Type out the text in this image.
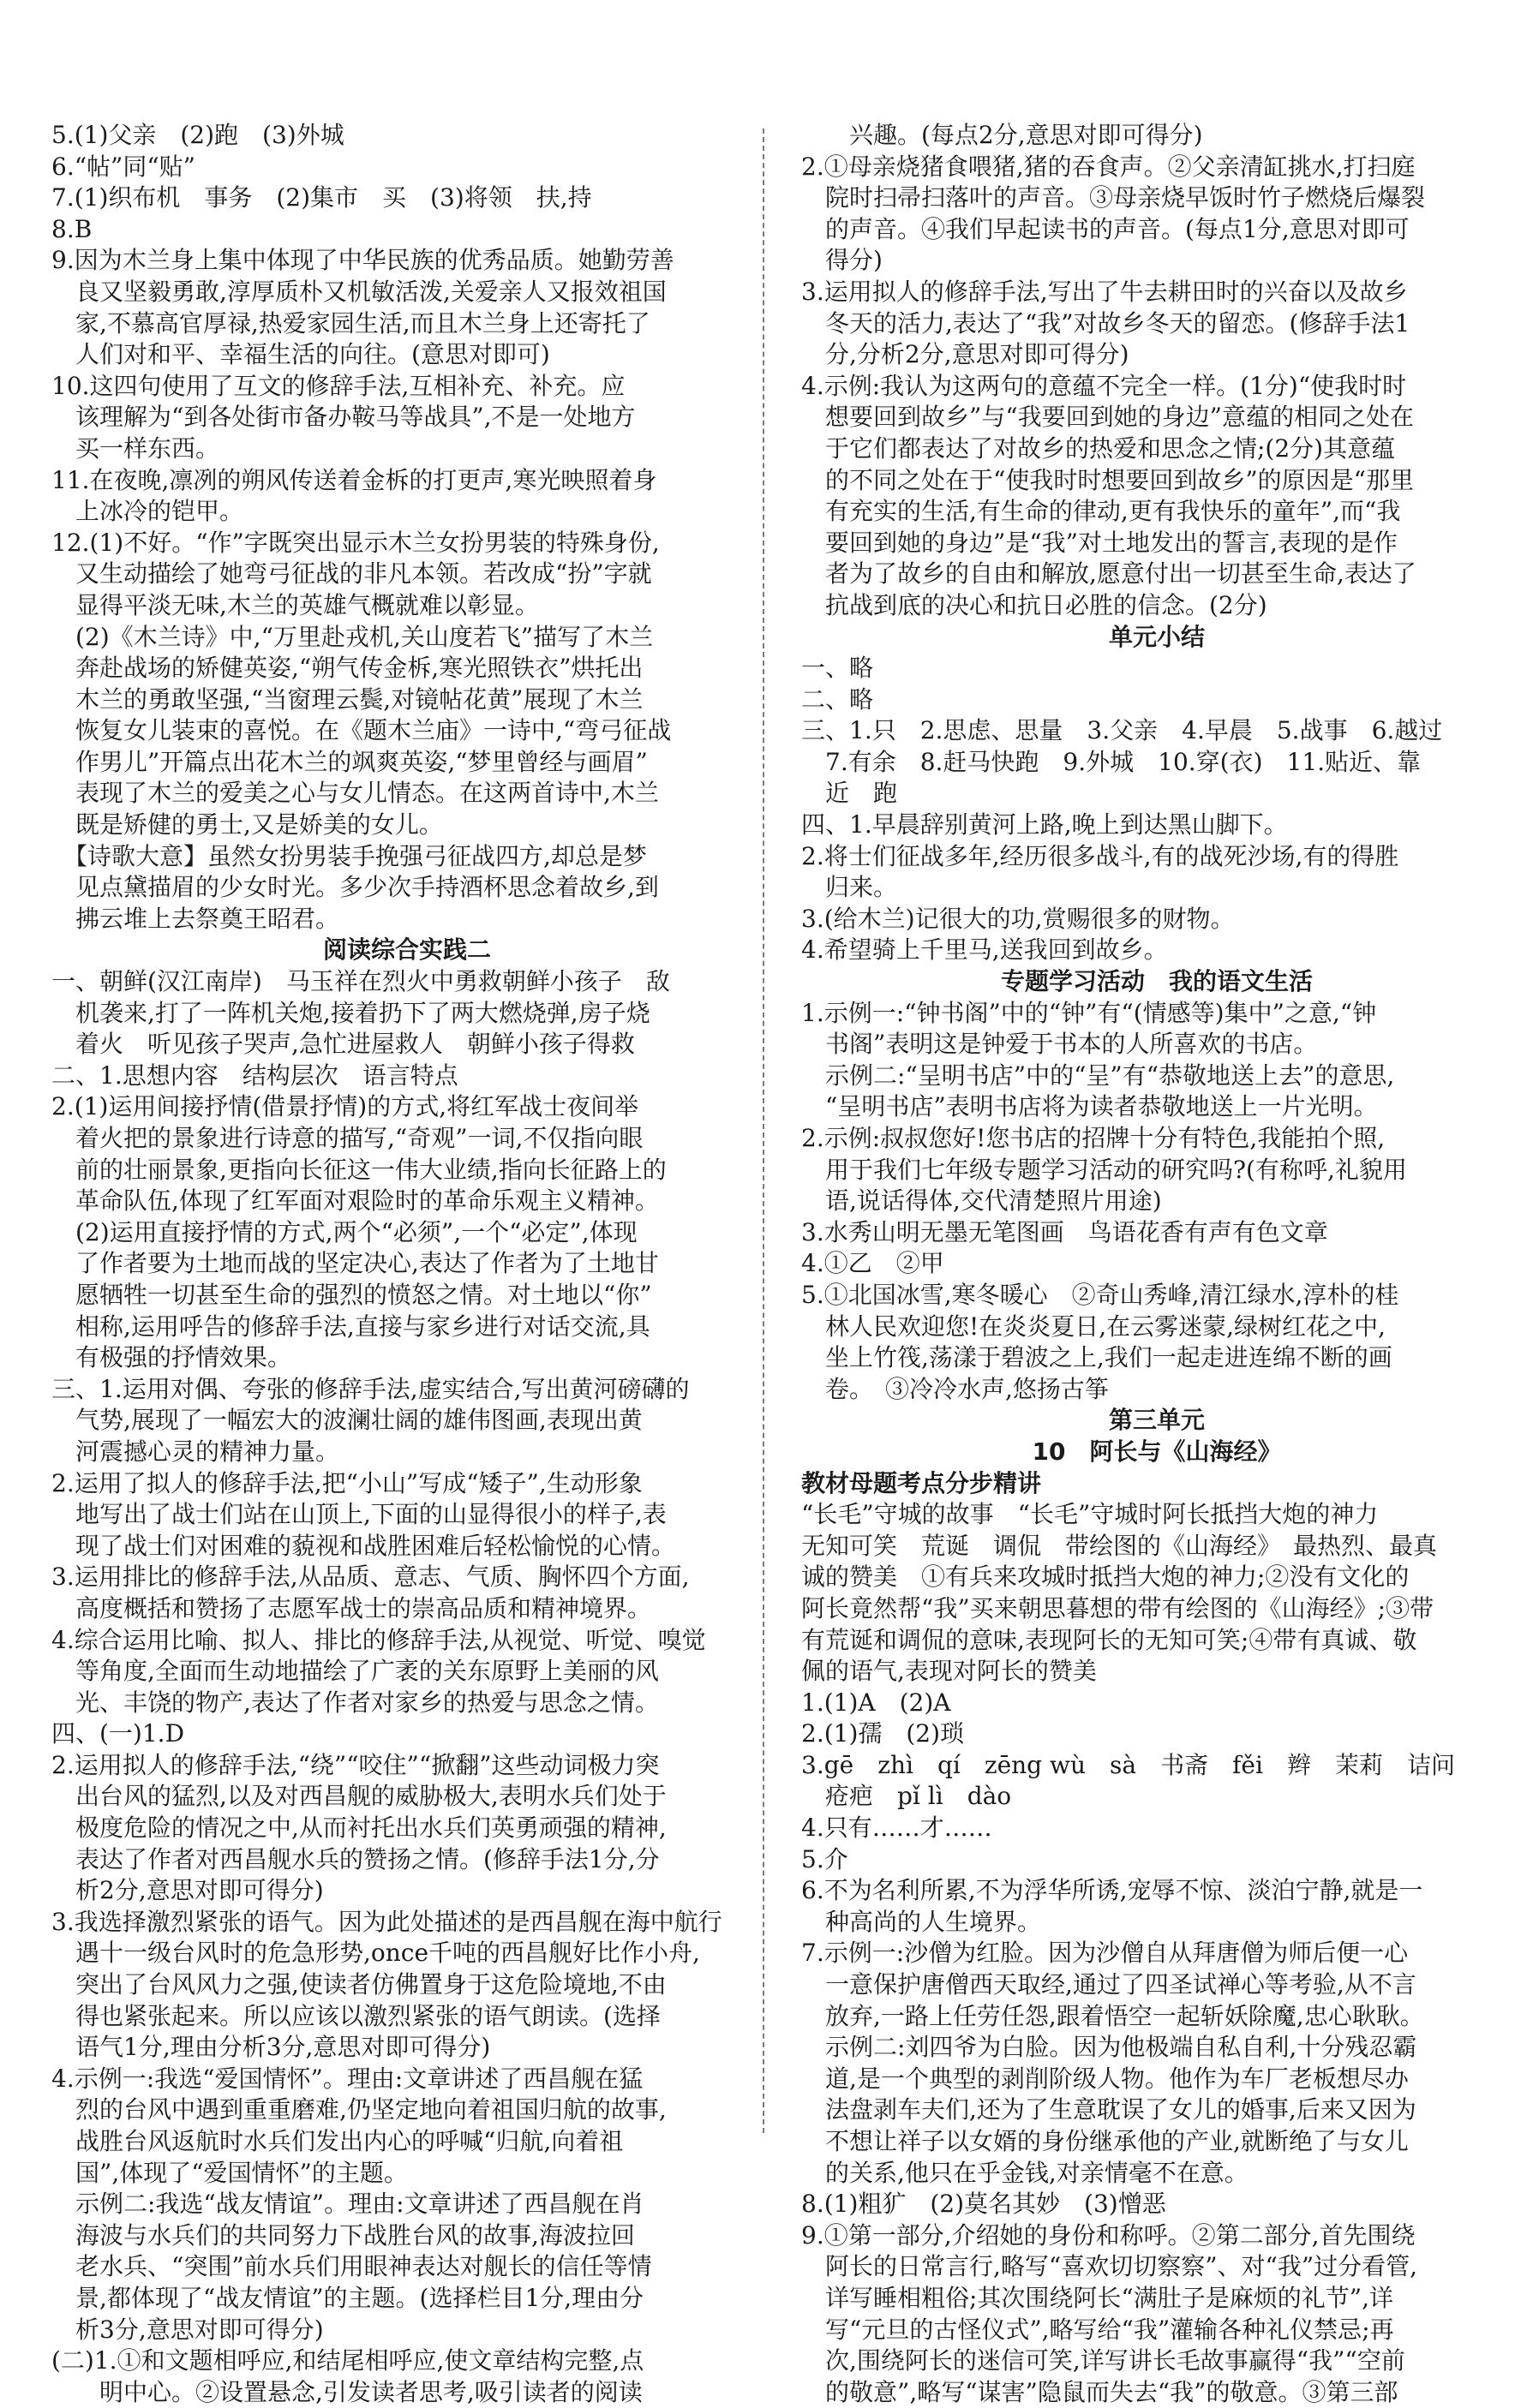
5.(1)父亲　(2)跑　(3)外城
6.“帖”同“贴”
7.(1)织布机　事务　(2)集市　买　(3)将领　扶,持
8.B
9.因为木兰身上集中体现了中华民族的优秀品质。她勤劳善
　良又坚毅勇敢,淳厚质朴又机敏活泼,关爱亲人又报效祖国
　家,不慕高官厚禄,热爱家园生活,而且木兰身上还寄托了
　人们对和平、幸福生活的向往。(意思对即可)
10.这四句使用了互文的修辞手法,互相补充、补充。应
　该理解为“到各处街市备办鞍马等战具”,不是一处地方
　买一样东西。
11.在夜晚,凛冽的朔风传送着金柝的打更声,寒光映照着身
　上冰冷的铠甲。
12.(1)不好。“作”字既突出显示木兰女扮男装的特殊身份,
　又生动描绘了她弯弓征战的非凡本领。若改成“扮”字就
　显得平淡无味,木兰的英雄气概就难以彰显。
　(2)《木兰诗》中,“万里赴戎机,关山度若飞”描写了木兰
　奔赴战场的矫健英姿,“朔气传金柝,寒光照铁衣”烘托出
　木兰的勇敢坚强,“当窗理云鬓,对镜帖花黄”展现了木兰
　恢复女儿装束的喜悦。在《题木兰庙》一诗中,“弯弓征战
　作男儿”开篇点出花木兰的飒爽英姿,“梦里曾经与画眉”
　表现了木兰的爱美之心与女儿情态。在这两首诗中,木兰
　既是矫健的勇士,又是娇美的女儿。
　【诗歌大意】虽然女扮男装手挽强弓征战四方,却总是梦
　见点黛描眉的少女时光。多少次手持酒杯思念着故乡,到
　拂云堆上去祭奠王昭君。
阅读综合实践二
一、朝鲜(汉江南岸)　马玉祥在烈火中勇救朝鲜小孩子　敌
　机袭来,打了一阵机关炮,接着扔下了两大燃烧弹,房子烧
　着火　听见孩子哭声,急忙进屋救人　朝鲜小孩子得救
二、1.思想内容　结构层次　语言特点
2.(1)运用间接抒情(借景抒情)的方式,将红军战士夜间举
　着火把的景象进行诗意的描写,“奇观”一词,不仅指向眼
　前的壮丽景象,更指向长征这一伟大业绩,指向长征路上的
　革命队伍,体现了红军面对艰险时的革命乐观主义精神。
　(2)运用直接抒情的方式,两个“必须”,一个“必定”,体现
　了作者要为土地而战的坚定决心,表达了作者为了土地甘
　愿牺牲一切甚至生命的强烈的愤怒之情。对土地以“你”
　相称,运用呼告的修辞手法,直接与家乡进行对话交流,具
　有极强的抒情效果。
三、1.运用对偶、夸张的修辞手法,虚实结合,写出黄河磅礴的
　气势,展现了一幅宏大的波澜壮阔的雄伟图画,表现出黄
　河震撼心灵的精神力量。
2.运用了拟人的修辞手法,把“小山”写成“矮子”,生动形象
　地写出了战士们站在山顶上,下面的山显得很小的样子,表
　现了战士们对困难的藐视和战胜困难后轻松愉悦的心情。
3.运用排比的修辞手法,从品质、意志、气质、胸怀四个方面,
　高度概括和赞扬了志愿军战士的崇高品质和精神境界。
4.综合运用比喻、拟人、排比的修辞手法,从视觉、听觉、嗅觉
　等角度,全面而生动地描绘了广袤的关东原野上美丽的风
　光、丰饶的物产,表达了作者对家乡的热爱与思念之情。
四、(一)1.D
2.运用拟人的修辞手法,“绕”“咬住”“掀翻”这些动词极力突
　出台风的猛烈,以及对西昌舰的威胁极大,表明水兵们处于
　极度危险的情况之中,从而衬托出水兵们英勇顽强的精神,
　表达了作者对西昌舰水兵的赞扬之情。(修辞手法1分,分
　析2分,意思对即可得分)
3.我选择激烈紧张的语气。因为此处描述的是西昌舰在海中航行
　遇十一级台风时的危急形势,once千吨的西昌舰好比作小舟,
　突出了台风风力之强,使读者仿佛置身于这危险境地,不由
　得也紧张起来。所以应该以激烈紧张的语气朗读。(选择
　语气1分,理由分析3分,意思对即可得分)
4.示例一:我选“爱国情怀”。理由:文章讲述了西昌舰在猛
　烈的台风中遇到重重磨难,仍坚定地向着祖国归航的故事,
　战胜台风返航时水兵们发出内心的呼喊“归航,向着祖
　国”,体现了“爱国情怀”的主题。
　示例二:我选“战友情谊”。理由:文章讲述了西昌舰在肖
　海波与水兵们的共同努力下战胜台风的故事,海波拉回
　老水兵、“突围”前水兵们用眼神表达对舰长的信任等情
　景,都体现了“战友情谊”的主题。(选择栏目1分,理由分
　析3分,意思对即可得分)
(二)1.①和文题相呼应,和结尾相呼应,使文章结构完整,点
　　明中心。②设置悬念,引发读者思考,吸引读者的阅读
　　兴趣。(每点2分,意思对即可得分)
2.①母亲烧猪食喂猪,猪的吞食声。②父亲清缸挑水,打扫庭
　院时扫帚扫落叶的声音。③母亲烧早饭时竹子燃烧后爆裂
　的声音。④我们早起读书的声音。(每点1分,意思对即可
　得分)
3.运用拟人的修辞手法,写出了牛去耕田时的兴奋以及故乡
　冬天的活力,表达了“我”对故乡冬天的留恋。(修辞手法1
　分,分析2分,意思对即可得分)
4.示例:我认为这两句的意蕴不完全一样。(1分)“使我时时
　想要回到故乡”与“我要回到她的身边”意蕴的相同之处在
　于它们都表达了对故乡的热爱和思念之情;(2分)其意蕴
　的不同之处在于“使我时时想要回到故乡”的原因是“那里
　有充实的生活,有生命的律动,更有我快乐的童年”,而“我
　要回到她的身边”是“我”对土地发出的誓言,表现的是作
　者为了故乡的自由和解放,愿意付出一切甚至生命,表达了
　抗战到底的决心和抗日必胜的信念。(2分)
单元小结
一、略
二、略
三、1.只　2.思虑、思量　3.父亲　4.早晨　5.战事　6.越过
　7.有余　8.赶马快跑　9.外城　10.穿(衣)　11.贴近、靠
　近　跑
四、1.早晨辞别黄河上路,晚上到达黑山脚下。
2.将士们征战多年,经历很多战斗,有的战死沙场,有的得胜
　归来。
3.(给木兰)记很大的功,赏赐很多的财物。
4.希望骑上千里马,送我回到故乡。
专题学习活动　我的语文生活
1.示例一:“钟书阁”中的“钟”有“(情感等)集中”之意,“钟
　书阁”表明这是钟爱于书本的人所喜欢的书店。
　示例二:“呈明书店”中的“呈”有“恭敬地送上去”的意思,
　“呈明书店”表明书店将为读者恭敬地送上一片光明。
2.示例:叔叔您好!您书店的招牌十分有特色,我能拍个照,
　用于我们七年级专题学习活动的研究吗?(有称呼,礼貌用
　语,说话得体,交代清楚照片用途)
3.水秀山明无墨无笔图画　鸟语花香有声有色文章
4.①乙　②甲
5.①北国冰雪,寒冬暖心　②奇山秀峰,清江绿水,淳朴的桂
　林人民欢迎您!在炎炎夏日,在云雾迷蒙,绿树红花之中,
　坐上竹筏,荡漾于碧波之上,我们一起走进连绵不断的画
　卷。　③冷冷水声,悠扬古筝
第三单元
10　阿长与《山海经》
教材母题考点分步精讲
“长毛”守城的故事　“长毛”守城时阿长抵挡大炮的神力
无知可笑　荒诞　调侃　带绘图的《山海经》　最热烈、最真
诚的赞美　①有兵来攻城时抵挡大炮的神力;②没有文化的
阿长竟然帮“我”买来朝思暮想的带有绘图的《山海经》;③带
有荒诞和调侃的意味,表现阿长的无知可笑;④带有真诚、敬
佩的语气,表现对阿长的赞美
1.(1)A　(2)A
2.(1)孺　(2)琐
3.gē　zhì　qí　zēng wù　sà　书斋　fěi　辫　茉莉　诘问
　疮疤　pǐ lì　dào
4.只有……才……
5.介
6.不为名利所累,不为浮华所诱,宠辱不惊、淡泊宁静,就是一
　种高尚的人生境界。
7.示例一:沙僧为红脸。因为沙僧自从拜唐僧为师后便一心
　一意保护唐僧西天取经,通过了四圣试禅心等考验,从不言
　放弃,一路上任劳任怨,跟着悟空一起斩妖除魔,忠心耿耿。
　示例二:刘四爷为白脸。因为他极端自私自利,十分残忍霸
　道,是一个典型的剥削阶级人物。他作为车厂老板想尽办
　法盘剥车夫们,还为了生意耽误了女儿的婚事,后来又因为
　不想让祥子以女婿的身份继承他的产业,就断绝了与女儿
　的关系,他只在乎金钱,对亲情毫不在意。
8.(1)粗犷　(2)莫名其妙　(3)憎恶
9.①第一部分,介绍她的身份和称呼。②第二部分,首先围绕
　阿长的日常言行,略写“喜欢切切察察”、对“我”过分看管,
　详写睡相粗俗;其次围绕阿长“满肚子是麻烦的礼节”,详
　写“元旦的古怪仪式”,略写给“我”灌输各种礼仪禁忌;再
　次,围绕阿长的迷信可笑,详写讲长毛故事赢得“我”“空前
　的敬意”,略写“谋害”隐鼠而失去“我”的敬意。③第三部
